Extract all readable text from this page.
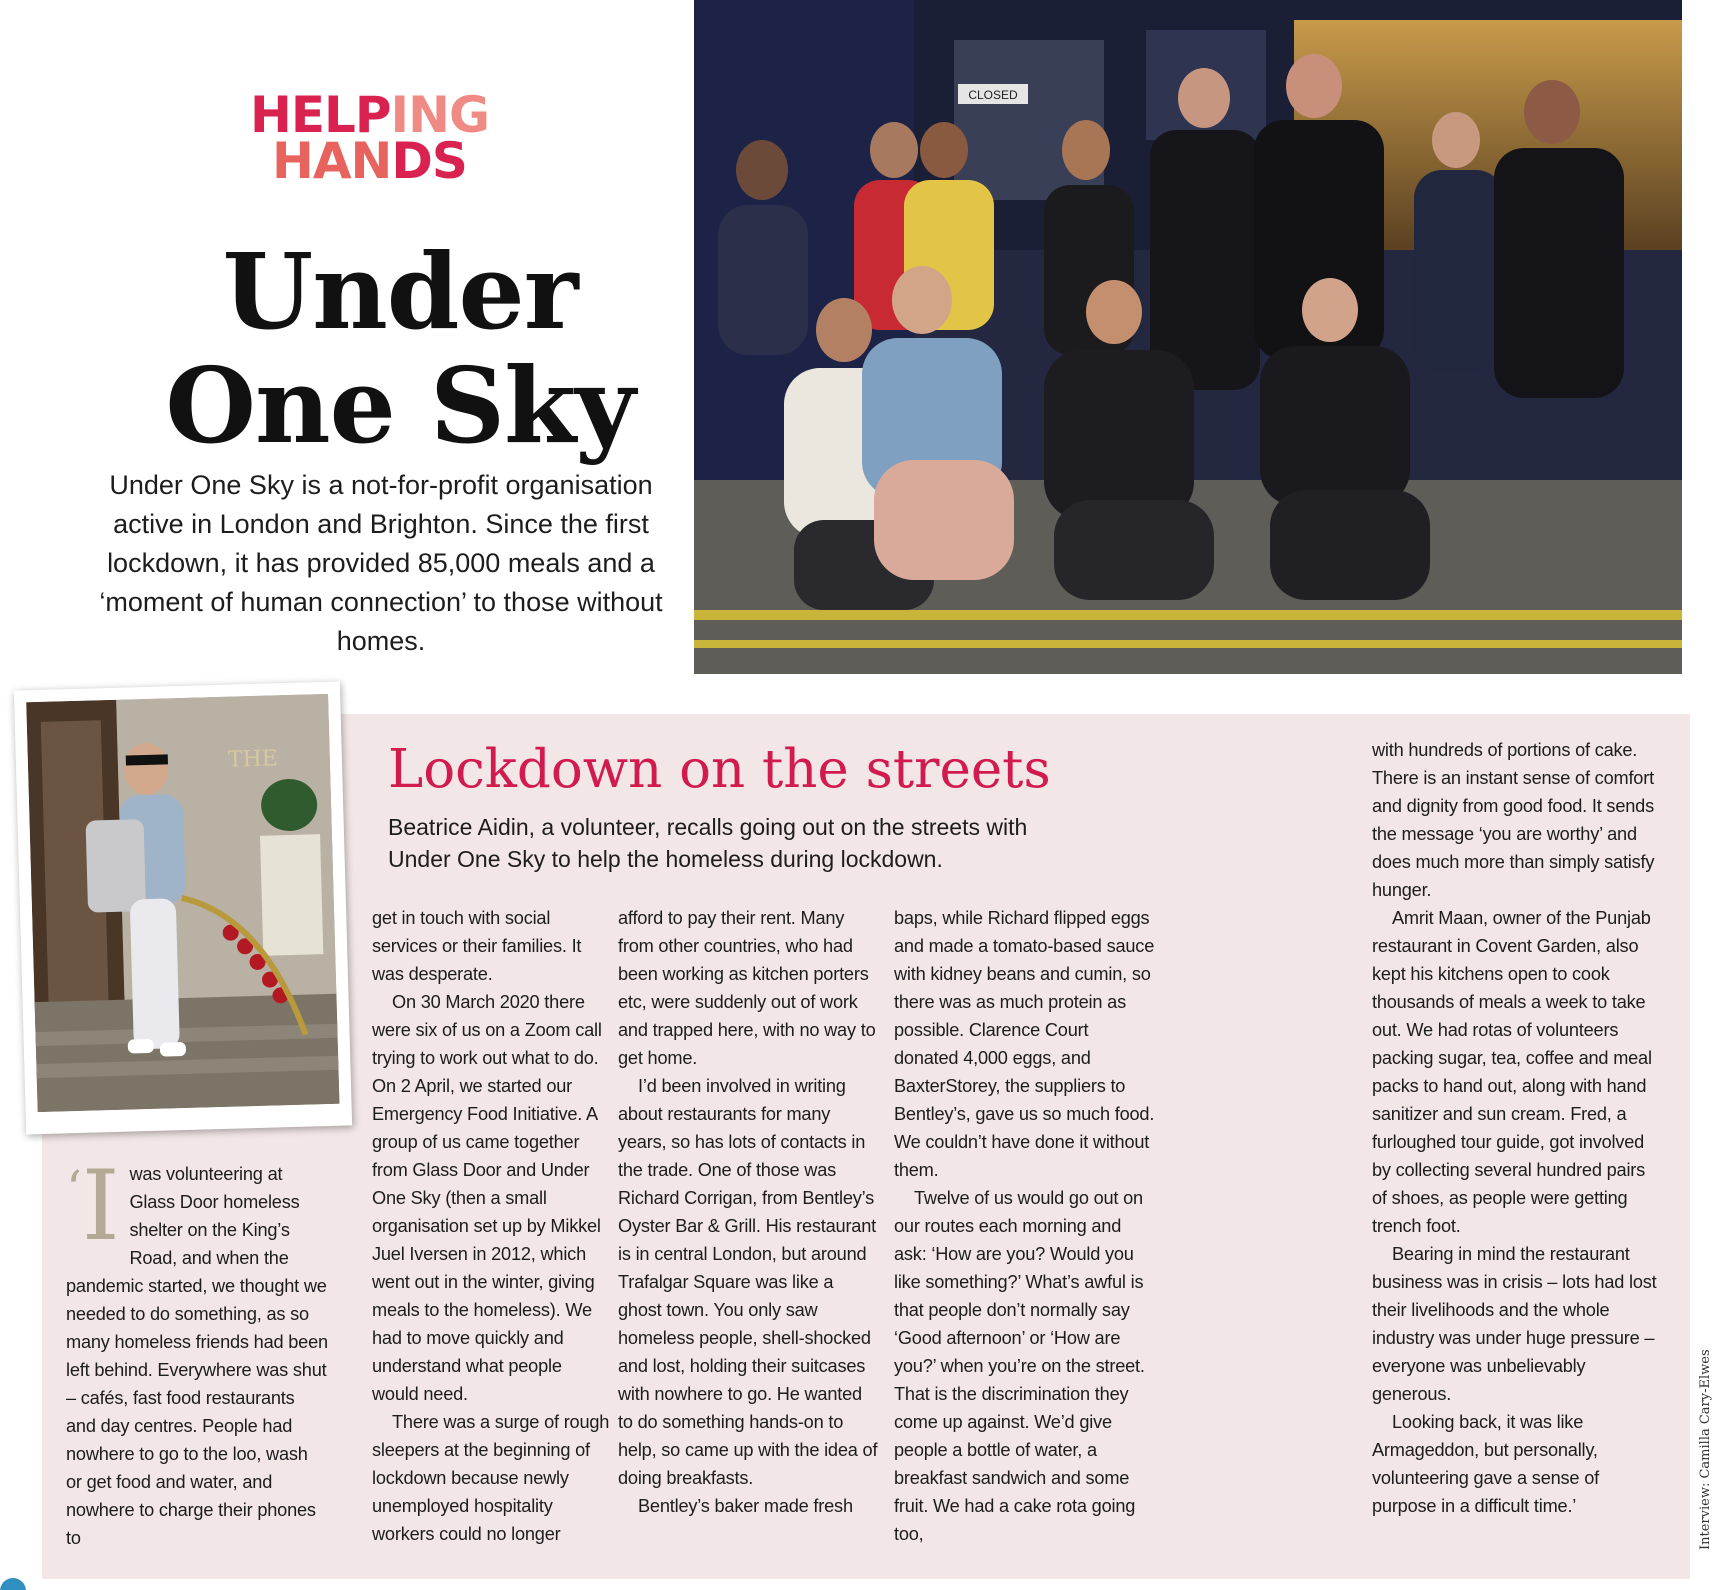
HELPING
HANDS
Under
One Sky
Under One Sky is a not-for-profit organisation active in London and Brighton. Since the first lockdown, it has provided 85,000 meals and a ‘moment of human connection’ to those without homes.
CLOSED
THE Lockdown on the streets
Beatrice Aidin, a volunteer, recalls going out on the streets with Under One Sky to help the homeless during lockdown.
‘I was volunteering at Glass Door homeless shelter on the King’s Road, and when the pandemic started, we thought we needed to do something, as so many homeless friends had been left behind. Everywhere was shut – cafés, fast food restaurants and day centres. People had nowhere to go to the loo, wash or get food and water, and nowhere to charge their phones to

get in touch with social services or their families. It was desperate.

On 30 March 2020 there were six of us on a Zoom call trying to work out what to do. On 2 April, we started our Emergency Food Initiative. A group of us came together from Glass Door and Under One Sky (then a small organisation set up by Mikkel Juel Iversen in 2012, which went out in the winter, giving meals to the homeless). We had to move quickly and understand what people would need.

There was a surge of rough sleepers at the beginning of lockdown because newly unemployed hospitality workers could no longer

afford to pay their rent. Many from other countries, who had been working as kitchen porters etc, were suddenly out of work and trapped here, with no way to get home.

I’d been involved in writing about restaurants for many years, so has lots of contacts in the trade. One of those was Richard Corrigan, from Bentley’s Oyster Bar & Grill. His restaurant is in central London, but around Trafalgar Square was like a ghost town. You only saw homeless people, shell-shocked and lost, holding their suitcases with nowhere to go. He wanted to do something hands-on to help, so came up with the idea of doing breakfasts.

Bentley’s baker made fresh

baps, while Richard flipped eggs and made a tomato-based sauce with kidney beans and cumin, so there was as much protein as possible. Clarence Court donated 4,000 eggs, and BaxterStorey, the suppliers to Bentley’s, gave us so much food. We couldn’t have done it without them.

Twelve of us would go out on our routes each morning and ask: ‘How are you? Would you like something?’ What’s awful is that people don’t normally say ‘Good afternoon’ or ‘How are you?’ when you’re on the street. That is the discrimination they come up against. We’d give people a bottle of water, a breakfast sandwich and some fruit. We had a cake rota going too,

with hundreds of portions of cake. There is an instant sense of comfort and dignity from good food. It sends the message ‘you are worthy’ and does much more than simply satisfy hunger.

Amrit Maan, owner of the Punjab restaurant in Covent Garden, also kept his kitchens open to cook thousands of meals a week to take out. We had rotas of volunteers packing sugar, tea, coffee and meal packs to hand out, along with hand sanitizer and sun cream. Fred, a furloughed tour guide, got involved by collecting several hundred pairs of shoes, as people were getting trench foot.

Bearing in mind the restaurant business was in crisis – lots had lost their livelihoods and the whole industry was under huge pressure – everyone was unbelievably generous.

Looking back, it was like Armageddon, but personally, volunteering gave a sense of purpose in a difficult time.’	Interview: Camilla Cary-Elwes
